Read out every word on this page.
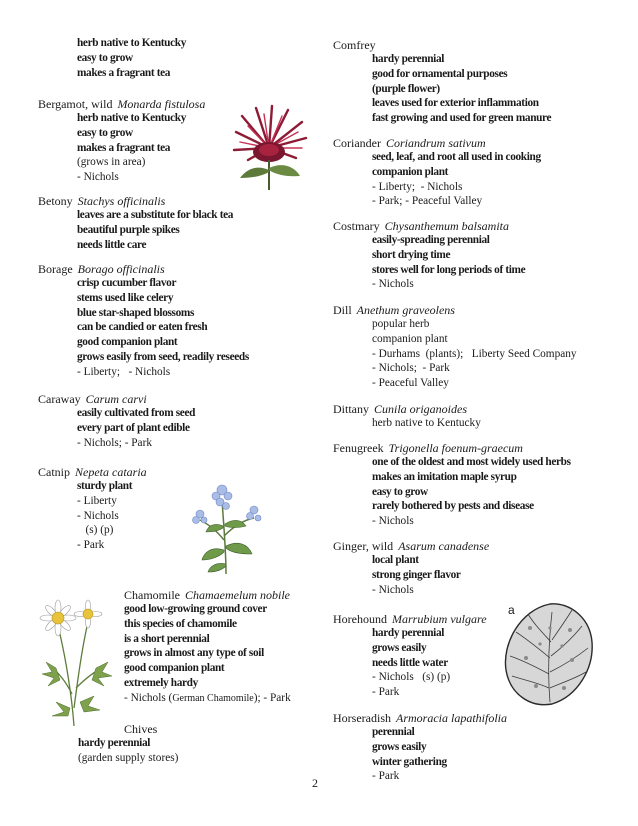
herb native to Kentucky
easy to grow
makes a fragrant tea
Bergamot, wild Monarda fistulosa
herb native to Kentucky
easy to grow
makes a fragrant tea
(grows in area)
- Nichols
Betony Stachys officinalis
leaves are a substitute for black tea
beautiful purple spikes
needs little care
Borage Borago officinalis
crisp cucumber flavor
stems used like celery
blue star-shaped blossoms
can be candied or eaten fresh
good companion plant
grows easily from seed, readily reseeds
- Liberty;   - Nichols
Caraway Carum carvi
easily cultivated from seed
every part of plant edible
- Nichols; - Park
Catnip Nepeta cataria
sturdy plant
- Liberty
- Nichols
(s) (p)
- Park
Chamomile Chamaemelum nobile
good low-growing ground cover
this species of chamomile
is a short perennial
grows in almost any type of soil
good companion plant
extremely hardy
- Nichols (German Chamomile); - Park
Chives
hardy perennial
(garden supply stores)
Comfrey
hardy perennial
good for ornamental purposes
(purple flower)
leaves used for exterior inflammation
fast growing and used for green manure
Coriander Coriandrum sativum
seed, leaf, and root all used in cooking
companion plant
- Liberty;  - Nichols
- Park; - Peaceful Valley
Costmary Chysanthemum balsamita
easily-spreading perennial
short drying time
stores well for long periods of time
- Nichols
Dill Anethum graveolens
popular herb
companion plant
- Durhams  (plants);   Liberty Seed Company
- Nichols;  - Park
- Peaceful Valley
Dittany Cunila origanoides
herb native to Kentucky
Fenugreek Trigonella foenum-graecum
one of the oldest and most widely used herbs
makes an imitation maple syrup
easy to grow
rarely bothered by pests and disease
- Nichols
Ginger, wild Asarum canadense
local plant
strong ginger flavor
- Nichols
Horehound Marrubium vulgare
hardy perennial
grows easily
needs little water
- Nichols   (s) (p)
- Park
Horseradish Armoracia lapathifolia
perennial
grows easily
winter gathering
- Park
a
2
